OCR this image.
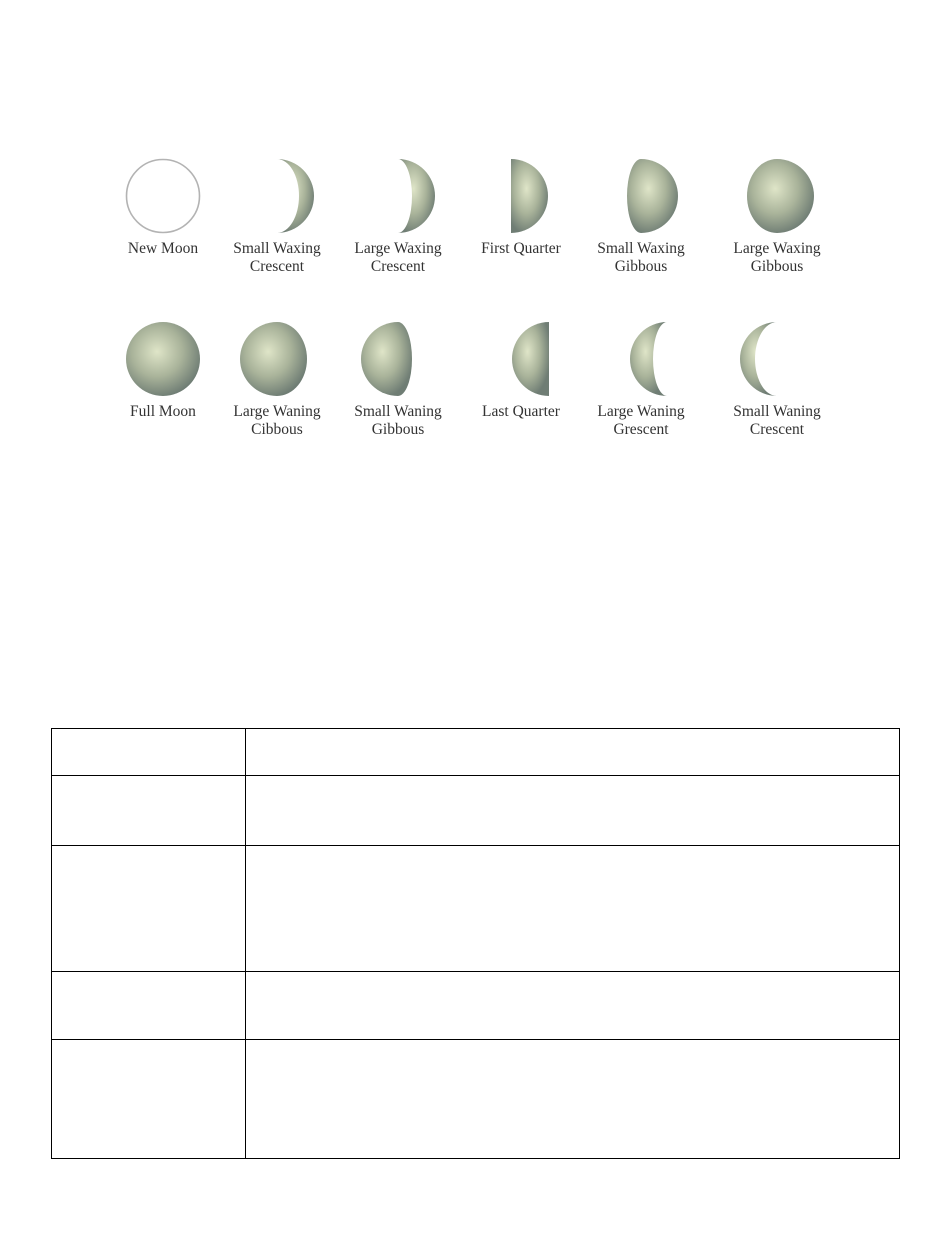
New Moon	Small Waxing
Crescent
Large Waxing
Crescent
First Quarter	Small Waxing
Gibbous
Large Waxing
Gibbous
Full Moon	Large Waning
Cibbous
Small Waning
Gibbous
Last Quarter	Large Waning
Grescent
Small Waning
Crescent
